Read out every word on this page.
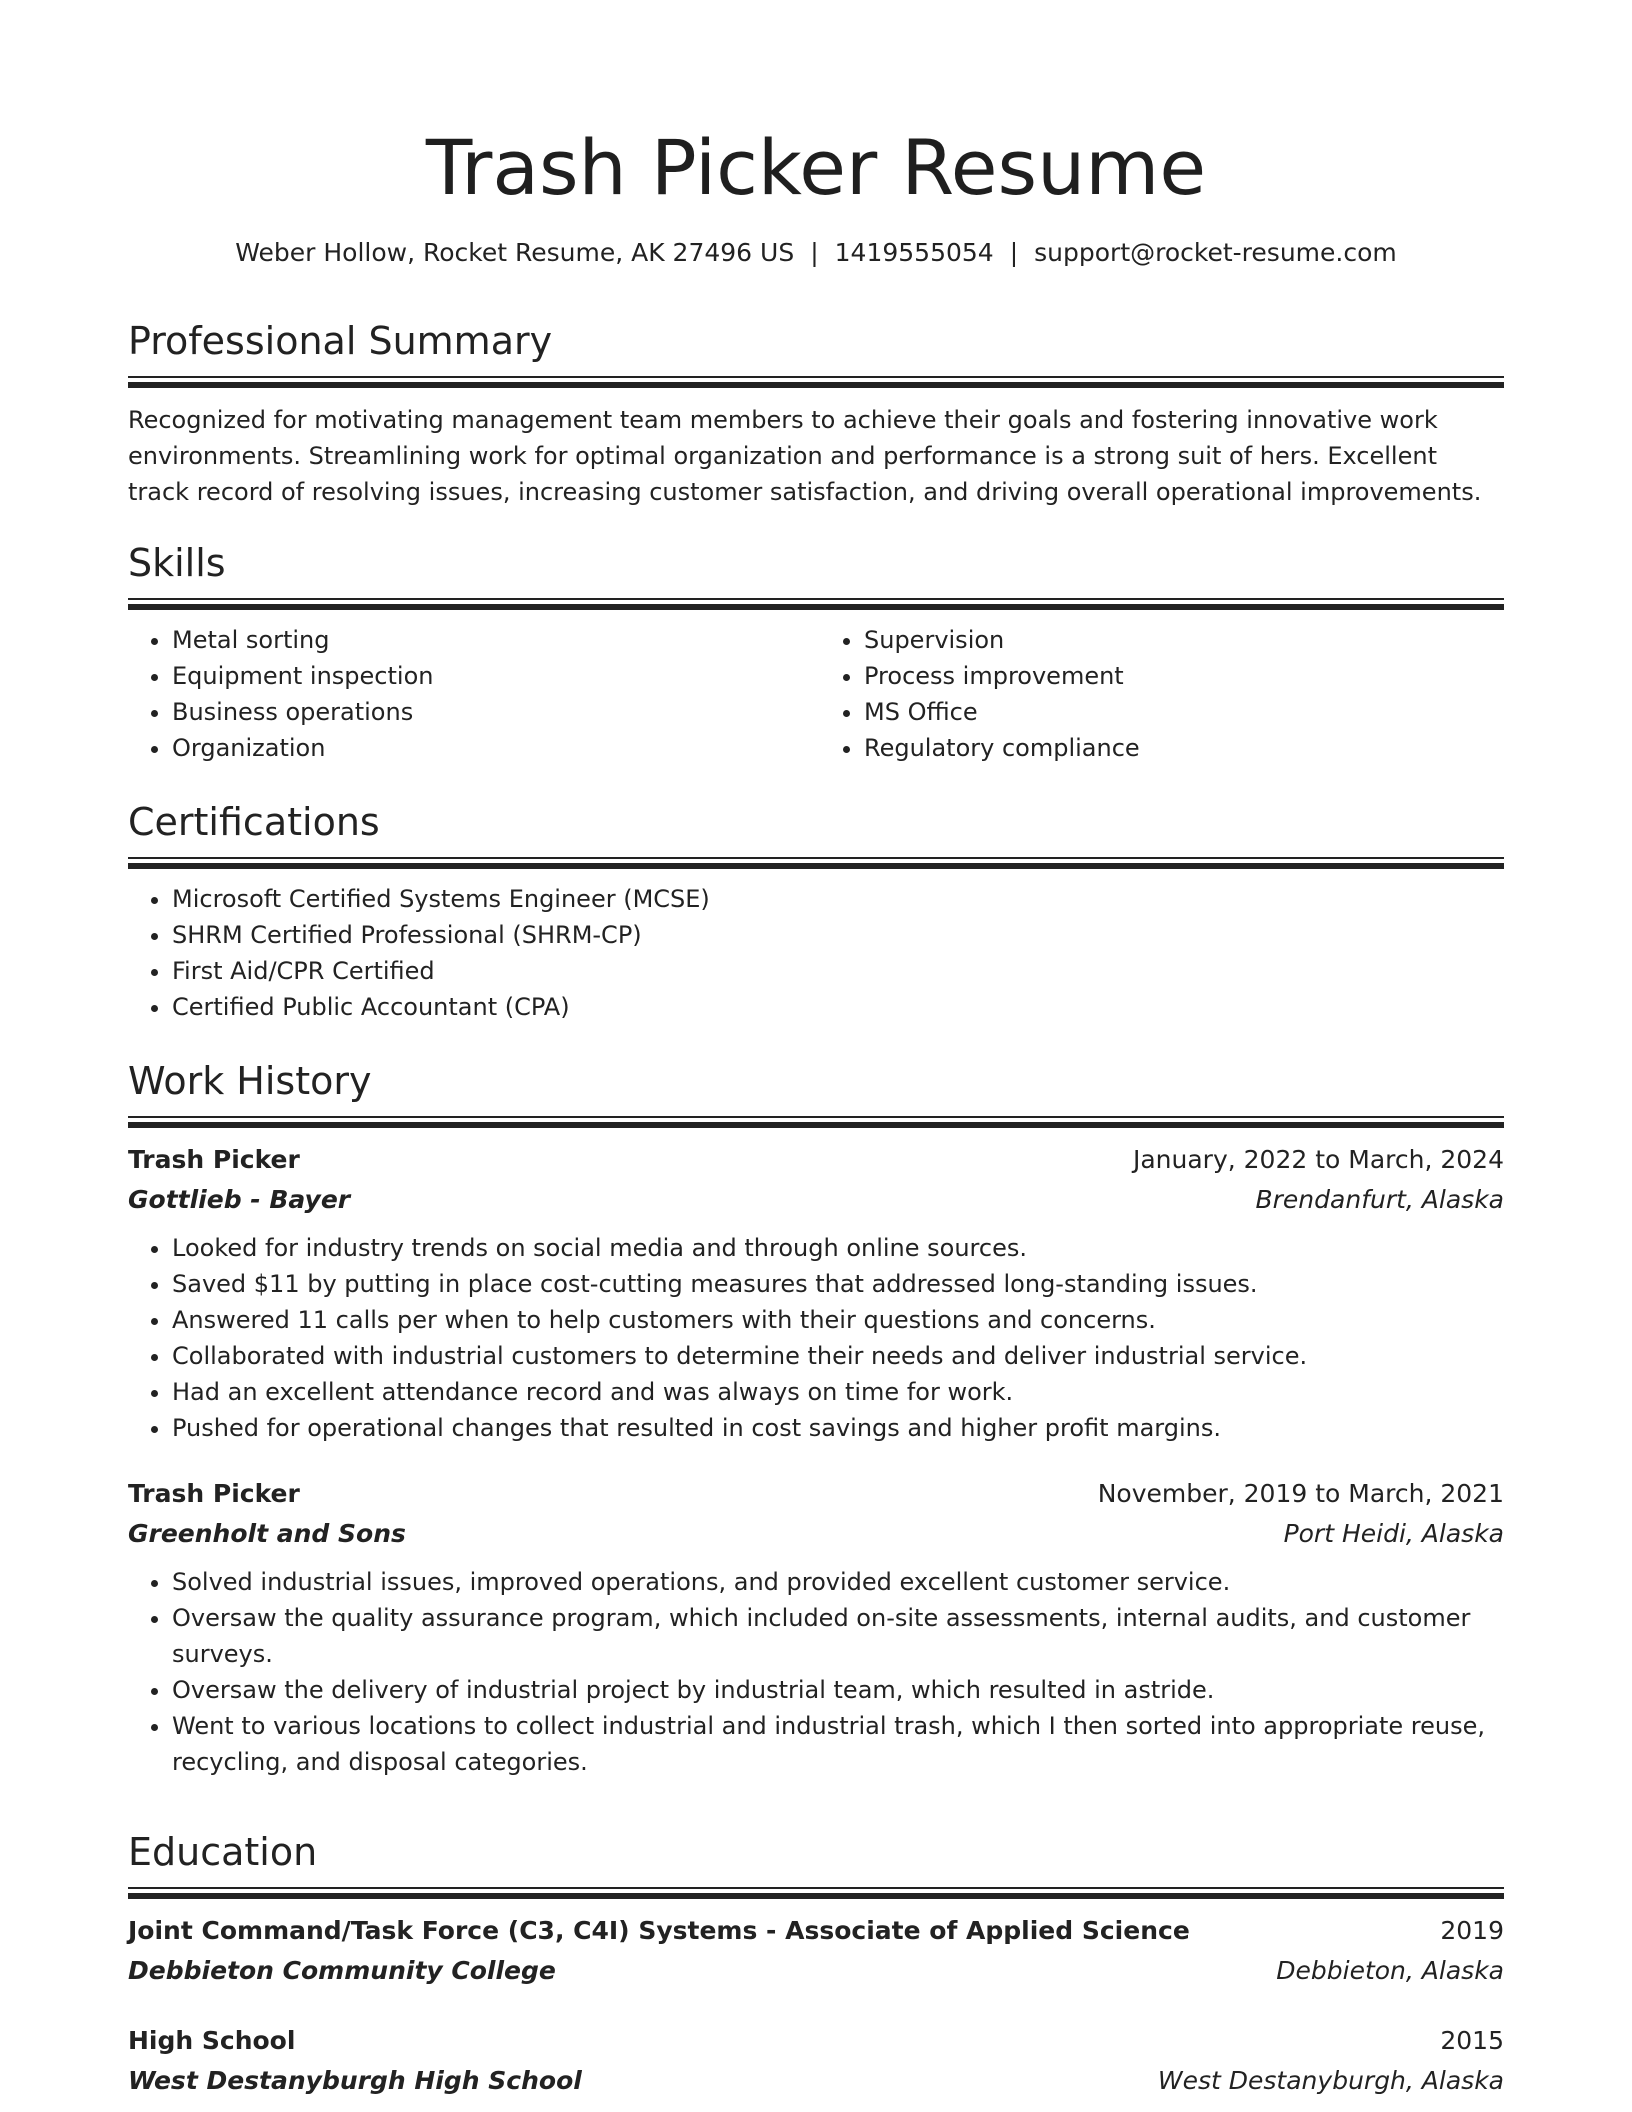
Trash Picker Resume
Weber Hollow, Rocket Resume, AK 27496 US | 1419555054 | support@rocket-resume.com
Professional Summary
Recognized for motivating management team members to achieve their goals and fostering innovative work environments. Streamlining work for optimal organization and performance is a strong suit of hers. Excellent track record of resolving issues, increasing customer satisfaction, and driving overall operational improvements.
Skills
• Metal sorting
• Equipment inspection
• Business operations
• Organization
• Supervision
• Process improvement
• MS Office
• Regulatory compliance
Certifications
• Microsoft Certified Systems Engineer (MCSE)
• SHRM Certified Professional (SHRM-CP)
• First Aid/CPR Certified
• Certified Public Accountant (CPA)
Work History
Trash Picker	January, 2022 to March, 2024
Gottlieb - Bayer	Brendanfurt, Alaska
• Looked for industry trends on social media and through online sources.
• Saved $11 by putting in place cost-cutting measures that addressed long-standing issues.
• Answered 11 calls per when to help customers with their questions and concerns.
• Collaborated with industrial customers to determine their needs and deliver industrial service.
• Had an excellent attendance record and was always on time for work.
• Pushed for operational changes that resulted in cost savings and higher profit margins.
Trash Picker	November, 2019 to March, 2021
Greenholt and Sons	Port Heidi, Alaska
• Solved industrial issues, improved operations, and provided excellent customer service.
• Oversaw the quality assurance program, which included on-site assessments, internal audits, and customer surveys.
• Oversaw the delivery of industrial project by industrial team, which resulted in astride.
• Went to various locations to collect industrial and industrial trash, which I then sorted into appropriate reuse, recycling, and disposal categories.
Education
Joint Command/Task Force (C3, C4I) Systems - Associate of Applied Science	2019
Debbieton Community College	Debbieton, Alaska
High School	2015
West Destanyburgh High School	West Destanyburgh, Alaska
